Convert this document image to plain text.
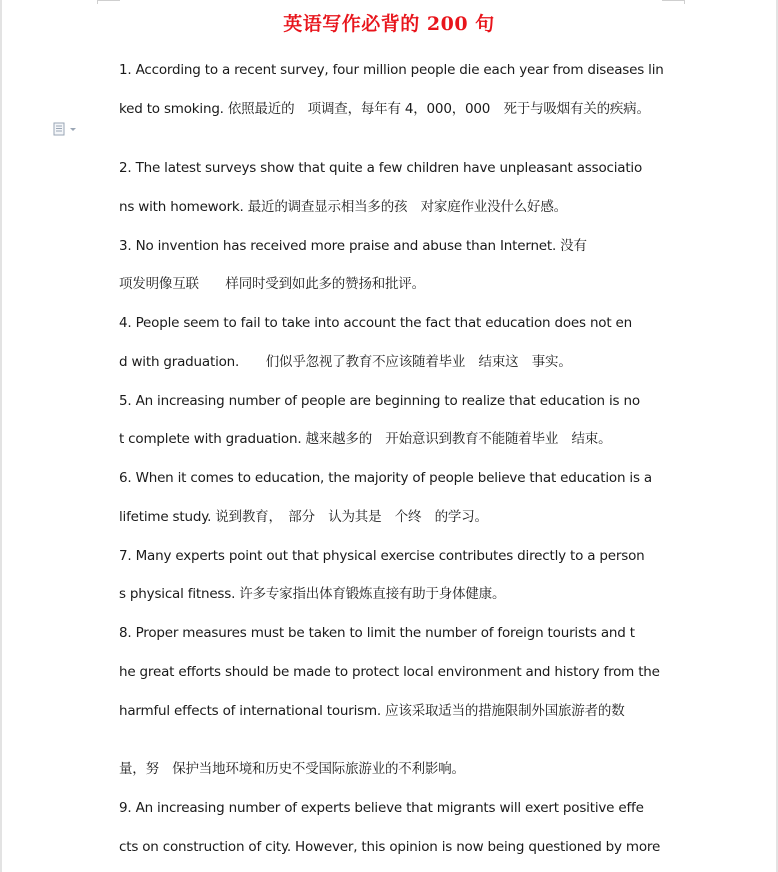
英语写作必背的 200 句
1. According to a recent survey, four million people die each year from diseases lin
ked to smoking. 依照最近的　项调查，每年有 4，000，000　死于与吸烟有关的疾病。
2. The latest surveys show that quite a few children have unpleasant associatio
ns with homework. 最近的调查显示相当多的孩　对家庭作业没什么好感。
3. No invention has received more praise and abuse than Internet. 没有
项发明像互联　　样同时受到如此多的赞扬和批评。
4. People seem to fail to take into account the fact that education does not en
d with graduation.　　们似乎忽视了教育不应该随着毕业　结束这　事实。
5. An increasing number of people are beginning to realize that education is no
t complete with graduation. 越来越多的　开始意识到教育不能随着毕业　结束。
6. When it comes to education, the majority of people believe that education is a
lifetime study. 说到教育，　部分　认为其是　个终　的学习。
7. Many experts point out that physical exercise contributes directly to a person
s physical fitness. 许多专家指出体育锻炼直接有助于身体健康。
8. Proper measures must be taken to limit the number of foreign tourists and t
he great efforts should be made to protect local environment and history from the
harmful effects of international tourism. 应该采取适当的措施限制外国旅游者的数
量，努　保护当地环境和历史不受国际旅游业的不利影响。
9. An increasing number of experts believe that migrants will exert positive effe
cts on construction of city. However, this opinion is now being questioned by more
